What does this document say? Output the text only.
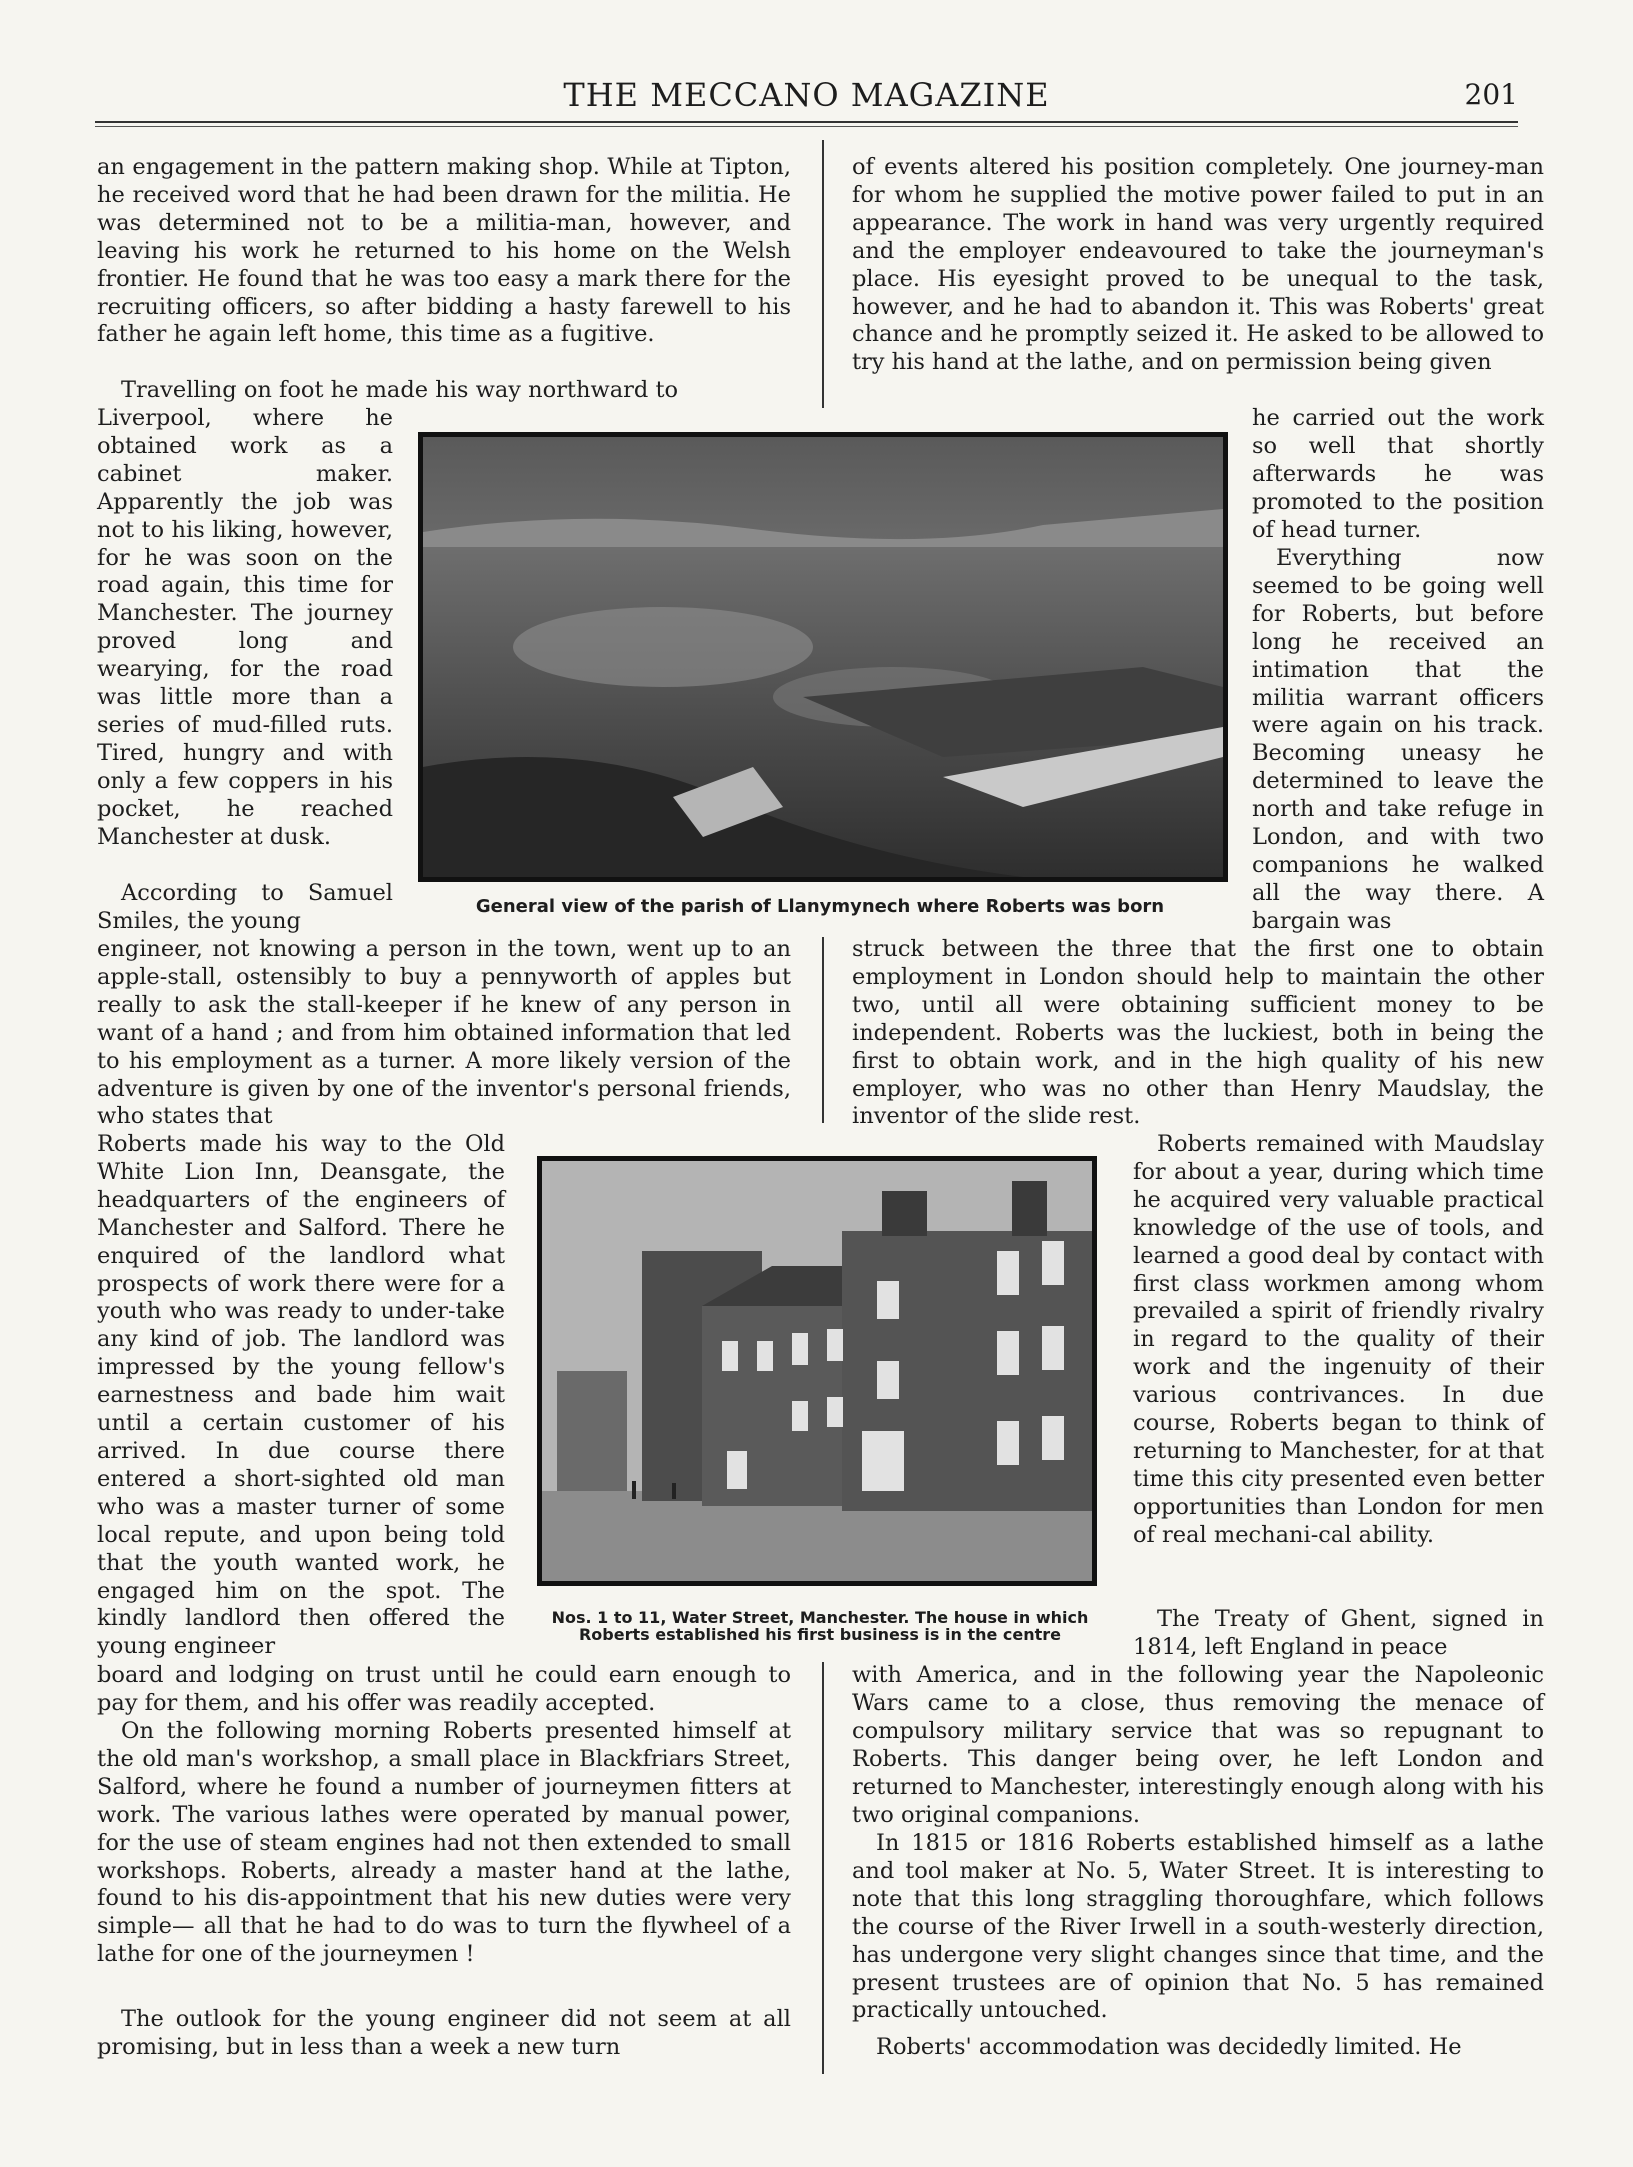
THE MECCANO MAGAZINE	201

an engagement in the pattern making shop. While at Tipton, he received word that he had been drawn for the militia. He was determined not to be a militia-man, however, and leaving his work he returned to his home on the Welsh frontier. He found that he was too easy a mark there for the recruiting officers, so after bidding a hasty farewell to his father he again left home, this time as a fugitive.

Travelling on foot he made his way northward to

Liverpool, where he obtained work as a cabinet maker. Apparently the job was not to his liking, however, for he was soon on the road again, this time for Manchester. The journey proved long and wearying, for the road was little more than a series of mud-filled ruts. Tired, hungry and with only a few coppers in his pocket, he reached Manchester at dusk.

According to Samuel Smiles, the young

engineer, not knowing a person in the town, went up to an apple-stall, ostensibly to buy a pennyworth of apples but really to ask the stall-keeper if he knew of any person in want of a hand ; and from him obtained information that led to his employment as a turner. A more likely version of the adventure is given by one of the inventor's personal friends, who states that

Roberts made his way to the Old White Lion Inn, Deansgate, the headquarters of the engineers of Manchester and Salford. There he enquired of the landlord what prospects of work there were for a youth who was ready to under-take any kind of job. The landlord was impressed by the young fellow's earnestness and bade him wait until a certain customer of his arrived. In due course there entered a short-sighted old man who was a master turner of some local repute, and upon being told that the youth wanted work, he engaged him on the spot. The kindly landlord then offered the young engineer

board and lodging on trust until he could earn enough to pay for them, and his offer was readily accepted.

On the following morning Roberts presented himself at the old man's workshop, a small place in Blackfriars Street, Salford, where he found a number of journeymen fitters at work. The various lathes were operated by manual power, for the use of steam engines had not then extended to small workshops. Roberts, already a master hand at the lathe, found to his dis-appointment that his new duties were very simple— all that he had to do was to turn the flywheel of a lathe for one of the journeymen !

The outlook for the young engineer did not seem at all promising, but in less than a week a new turn

of events altered his position completely. One journey-man for whom he supplied the motive power failed to put in an appearance. The work in hand was very urgently required and the employer endeavoured to take the journeyman's place. His eyesight proved to be unequal to the task, however, and he had to abandon it. This was Roberts' great chance and he promptly seized it. He asked to be allowed to try his hand at the lathe, and on permission being given

he carried out the work so well that shortly afterwards he was promoted to the position of head turner.

Everything now seemed to be going well for Roberts, but before long he received an intimation that the militia warrant officers were again on his track. Becoming uneasy he determined to leave the north and take refuge in London, and with two companions he walked all the way there. A bargain was

struck between the three that the first one to obtain employment in London should help to maintain the other two, until all were obtaining sufficient money to be independent. Roberts was the luckiest, both in being the first to obtain work, and in the high quality of his new employer, who was no other than Henry Maudslay, the inventor of the slide rest.

Roberts remained with Maudslay for about a year, during which time he acquired very valuable practical knowledge of the use of tools, and learned a good deal by contact with first class workmen among whom prevailed a spirit of friendly rivalry in regard to the quality of their work and the ingenuity of their various contrivances. In due course, Roberts began to think of returning to Manchester, for at that time this city presented even better opportunities than London for men of real mechani-cal ability.

The Treaty of Ghent, signed in 1814, left England in peace

with America, and in the following year the Napoleonic Wars came to a close, thus removing the menace of compulsory military service that was so repugnant to Roberts. This danger being over, he left London and returned to Manchester, interestingly enough along with his two original companions.

In 1815 or 1816 Roberts established himself as a lathe and tool maker at No. 5, Water Street. It is interesting to note that this long straggling thoroughfare, which follows the course of the River Irwell in a south-westerly direction, has undergone very slight changes since that time, and the present trustees are of opinion that No. 5 has remained practically untouched.

Roberts' accommodation was decidedly limited. He

General view of the parish of Llanymynech where Roberts was born
Nos. 1 to 11, Water Street, Manchester. The house in which
Roberts established his first business is in the centre
